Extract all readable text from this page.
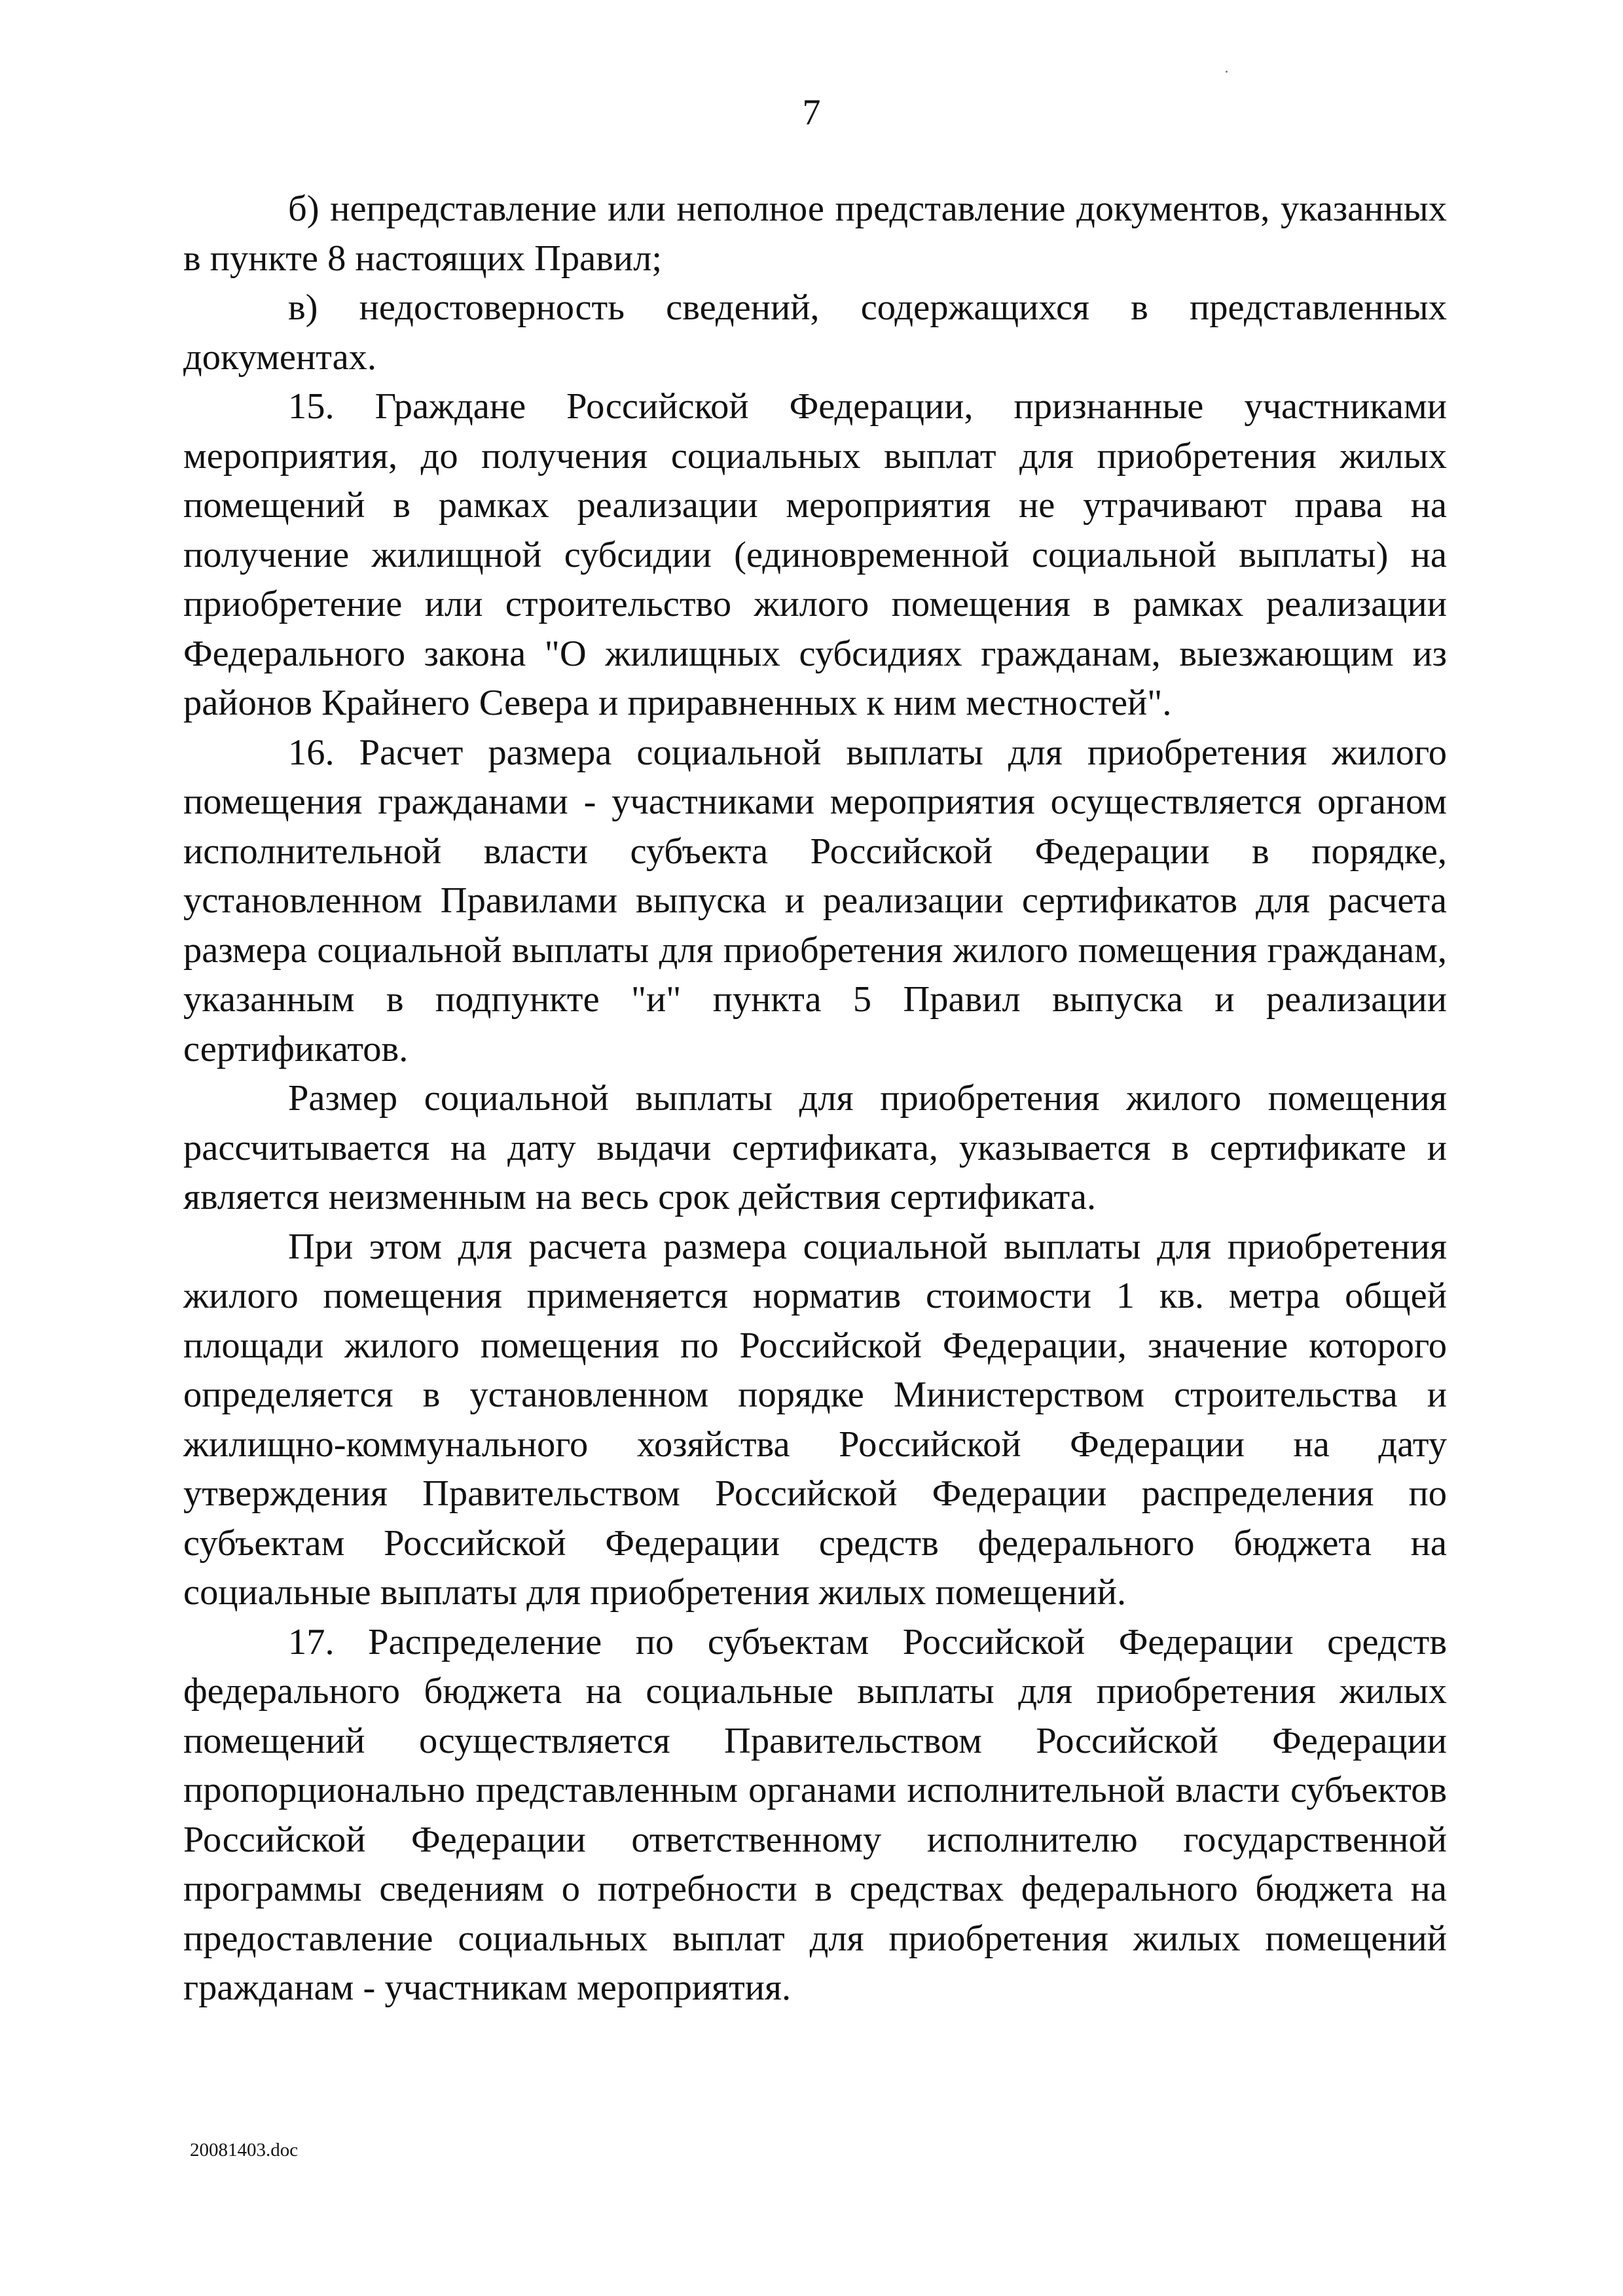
7

б) непредставление или неполное представление документов, указанных в пункте 8 настоящих Правил;

в) недостоверность сведений, содержащихся в представленных документах.

15. Граждане Российской Федерации, признанные участниками мероприятия, до получения социальных выплат для приобретения жилых помещений в рамках реализации мероприятия не утрачивают права на получение жилищной субсидии (единовременной социальной выплаты) на приобретение или строительство жилого помещения в рамках реализации Федерального закона "О жилищных субсидиях гражданам, выезжающим из районов Крайнего Севера и приравненных к ним местностей".

16. Расчет размера социальной выплаты для приобретения жилого помещения гражданами - участниками мероприятия осуществляется органом исполнительной власти субъекта Российской Федерации в порядке, установленном Правилами выпуска и реализации сертификатов для расчета размера социальной выплаты для приобретения жилого помещения гражданам, указанным в подпункте "и" пункта 5 Правил выпуска и реализации сертификатов.

Размер социальной выплаты для приобретения жилого помещения рассчитывается на дату выдачи сертификата, указывается в сертификате и является неизменным на весь срок действия сертификата.

При этом для расчета размера социальной выплаты для приобретения жилого помещения применяется норматив стоимости 1 кв. метра общей площади жилого помещения по Российской Федерации, значение которого определяется в установленном порядке Министерством строительства и жилищно-коммунального хозяйства Российской Федерации на дату утверждения Правительством Российской Федерации распределения по субъектам Российской Федерации средств федерального бюджета на социальные выплаты для приобретения жилых помещений.

17. Распределение по субъектам Российской Федерации средств федерального бюджета на социальные выплаты для приобретения жилых помещений осуществляется Правительством Российской Федерации пропорционально представленным органами исполнительной власти субъектов Российской Федерации ответственному исполнителю государственной программы сведениям о потребности в средствах федерального бюджета на предоставление социальных выплат для приобретения жилых помещений гражданам - участникам мероприятия.

20081403.doc
